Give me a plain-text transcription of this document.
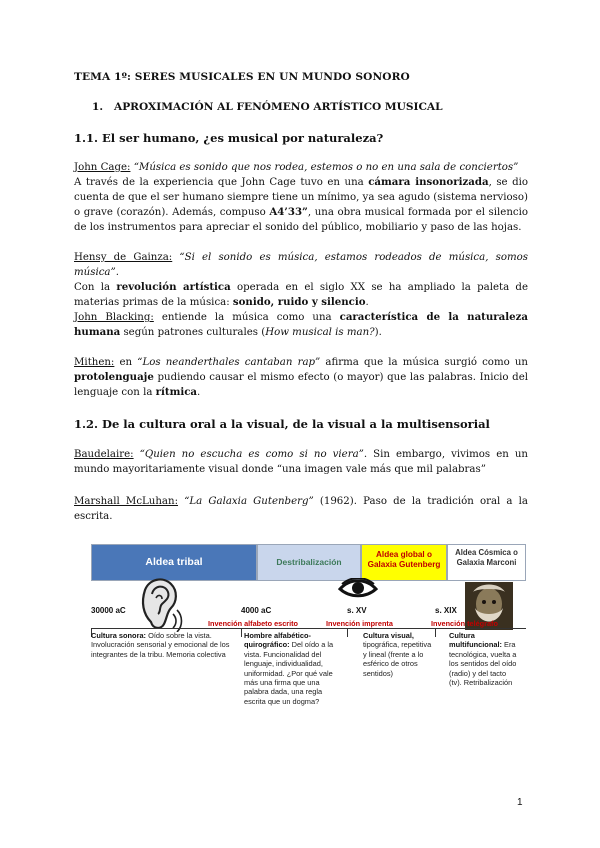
TEMA 1º: SERES MUSICALES EN UN MUNDO SONORO
1. APROXIMACIÓN AL FENÓMENO ARTÍSTICO MUSICAL
1.1. El ser humano, ¿es musical por naturaleza?
John Cage: “Música es sonido que nos rodea, estemos o no en una sala de conciertos”
A través de la experiencia que John Cage tuvo en una cámara insonorizada, se dio cuenta de que el ser humano siempre tiene un mínimo, ya sea agudo (sistema nervioso) o grave (corazón). Además, compuso A4’33”, una obra musical formada por el silencio de los instrumentos para apreciar el sonido del público, mobiliario y paso de las hojas.
Hensy de Gainza: “Si el sonido es música, estamos rodeados de música, somos música”.
Con la revolución artística operada en el siglo XX se ha ampliado la paleta de materias primas de la música: sonido, ruido y silencio.
John Blacking: entiende la música como una característica de la naturaleza humana según patrones culturales (How musical is man?).
Mithen: en “Los neanderthales cantaban rap” afirma que la música surgió como un protolenguaje pudiendo causar el mismo efecto (o mayor) que las palabras. Inicio del lenguaje con la rítmica.
1.2. De la cultura oral a la visual, de la visual a la multisensorial
Baudelaire: “Quien no escucha es como si no viera”. Sin embargo, vivimos en un mundo mayoritariamente visual donde “una imagen vale más que mil palabras”
Marshall McLuhan: “La Galaxia Gutenberg” (1962). Paso de la tradición oral a la escrita.
Aldea tribal	Destribalización
Aldea global o Galaxia Gutenberg
Aldea Cósmica o Galaxia Marconi
30000 aC	4000 aC	s. XV	s. XIX
Invención alfabeto escrito	Invención imprenta	Invención telégrafo
Cultura sonora: Oído sobre la vista. Involucración sensorial y emocional de los integrantes de la tribu. Memoria colectiva
Hombre alfabético-quirográfico: Del oído a la vista. Funcionalidad del lenguaje, individualidad, uniformidad. ¿Por qué vale más una firma que una palabra dada, una regla escrita que un dogma?
Cultura visual, tipográfica, repetitiva y lineal (frente a lo esférico de otros sentidos)
Cultura multifuncional: Era tecnológica, vuelta a los sentidos del oído (radio) y del tacto (tv). Retribalización
1
